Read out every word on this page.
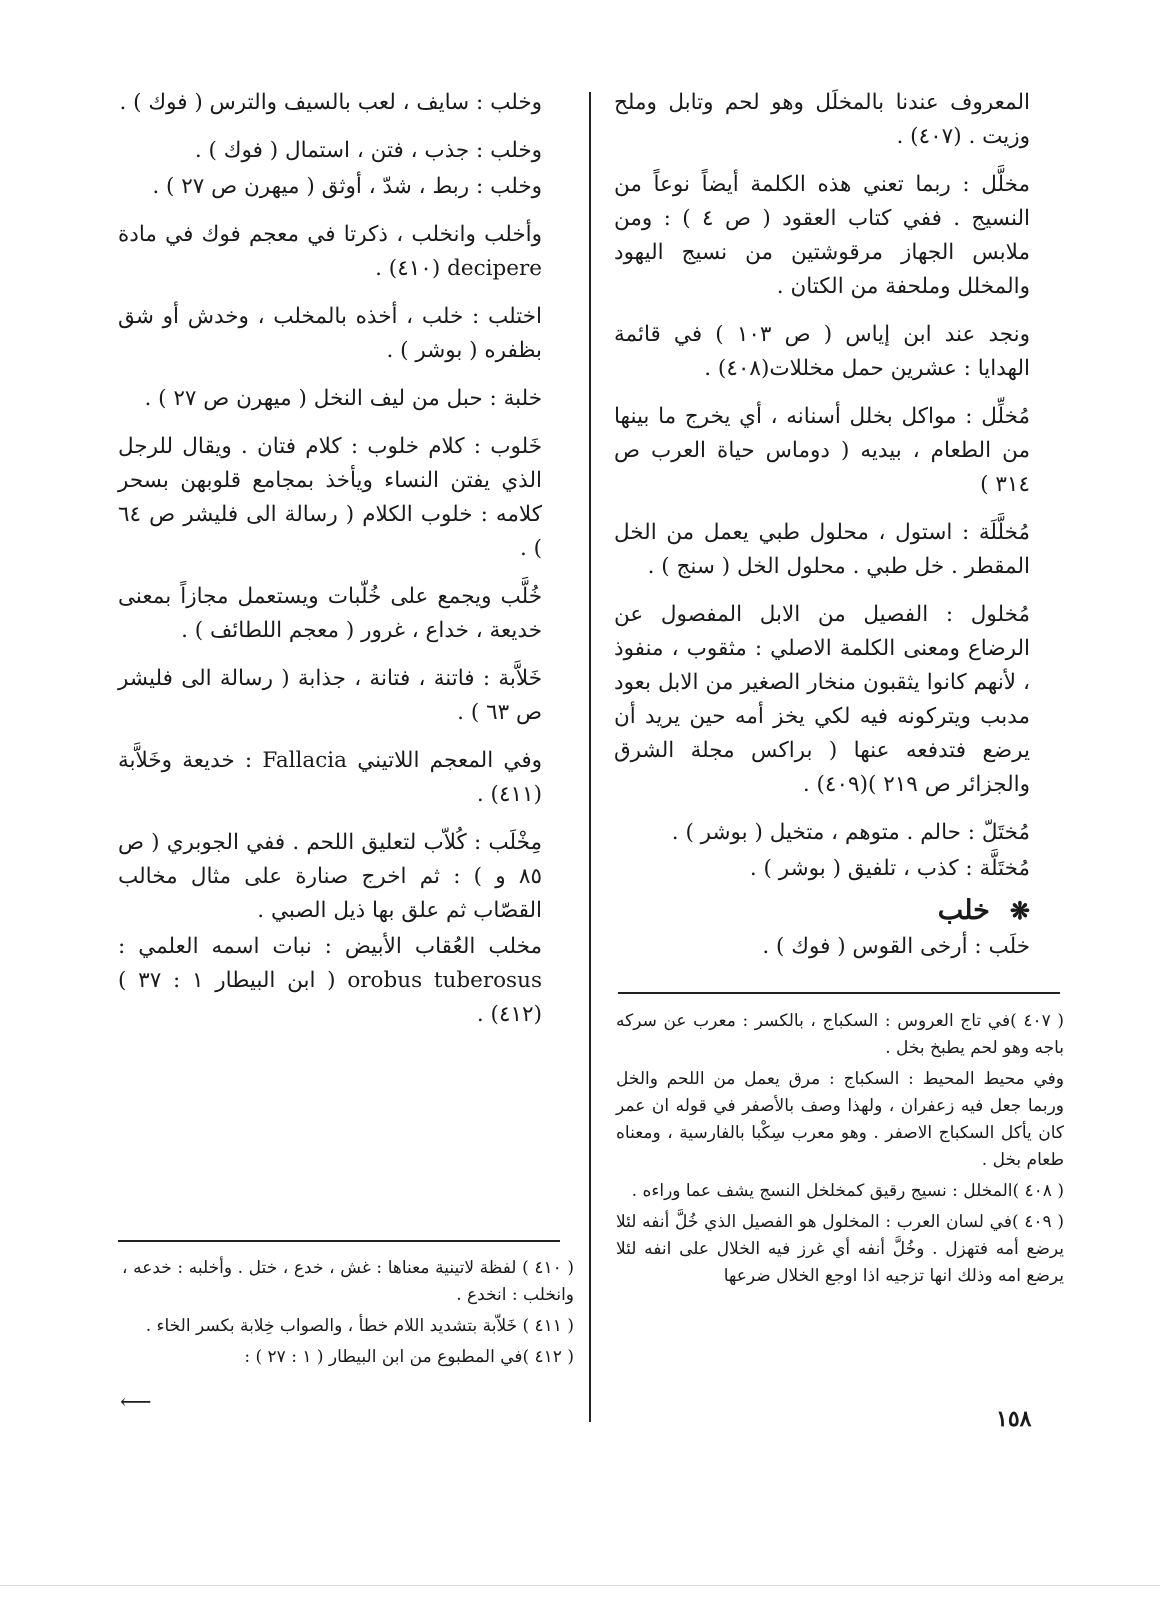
المعروف عندنا بالمخلَل وهو لحم وتابل وملح وزيت . (٤٠٧) .

مخلَّل : ربما تعني هذه الكلمة أيضاً نوعاً من النسيج . ففي كتاب العقود ( ص ٤ ) : ومن ملابس الجهاز مرقوشتين من نسيج اليهود والمخلل وملحفة من الكتان .

ونجد عند ابن إياس ( ص ١٠٣ ) في قائمة الهدايا : عشرين حمل مخللات(٤٠٨) .

مُخلِّل : مواكل بخلل أسنانه ، أي يخرج ما بينها من الطعام ، بيديه ( دوماس حياة العرب ص ٣١٤ )

مُخلَّلَة : استول ، محلول طبي يعمل من الخل المقطر . خل طبي . محلول الخل ( سنج ) .

مُخلول : الفصيل من الابل المفصول عن الرضاع ومعنى الكلمة الاصلي : مثقوب ، منفوذ ، لأنهم كانوا يثقبون منخار الصغير من الابل بعود مدبب ويتركونه فيه لكي يخز أمه حين يريد أن يرضع فتدفعه عنها ( براكس مجلة الشرق والجزائر ص ٢١٩ )(٤٠٩) .

مُختَلّ : حالم . متوهم ، متخيل ( بوشر ) .

مُختَلَّة : كذب ، تلفيق ( بوشر ) .

❋خلب

خلَب : أرخى القوس ( فوك ) .

وخلب : سايف ، لعب بالسيف والترس ( فوك ) .

وخلب : جذب ، فتن ، استمال ( فوك ) .

وخلب : ربط ، شدّ ، أوثق ( ميهرن ص ٢٧ ) .

وأخلب وانخلب ، ذكرتا في معجم فوك في مادة decipere (٤١٠) .

اختلب : خلب ، أخذه بالمخلب ، وخدش أو شق بظفره ( بوشر ) .

خلبة : حبل من ليف النخل ( ميهرن ص ٢٧ ) .

خَلوب : كلام خلوب : كلام فتان . ويقال للرجل الذي يفتن النساء ويأخذ بمجامع قلوبهن بسحر كلامه : خلوب الكلام ( رسالة الى فليشر ص ٦٤ ) .

خُلَّب ويجمع على خُلّبات ويستعمل مجازاً بمعنى خديعة ، خداع ، غرور ( معجم اللطائف ) .

خَلاَّبة : فاتنة ، فتانة ، جذابة ( رسالة الى فليشر ص ٦٣ ) .

وفي المعجم اللاتيني Fallacia : خديعة وخَلاَّبة (٤١١) .

مِخْلَب : كُلاّب لتعليق اللحم . ففي الجوبري ( ص ٨٥ و ) : ثم اخرج صنارة على مثال مخالب القصّاب ثم علق بها ذيل الصبي .

مخلب العُقاب الأبيض : نبات اسمه العلمي : orobus tuberosus ( ابن البيطار ١ : ٣٧ ) (٤١٢) .	( ٤٠٧ )في تاج العروس : السكباج ، بالكسر : معرب عن سركه باجه وهو لحم يطبخ بخل .

وفي محيط المحيط : السكباج : مرق يعمل من اللحم والخل وربما جعل فيه زعفران ، ولهذا وصف بالأصفر في قوله ان عمر كان يأكل السكباج الاصفر . وهو معرب سِكْبا بالفارسية ، ومعناه طعام بخل .

( ٤٠٨ )المخلل : نسيج رقيق كمخلخل النسج يشف عما وراءه .

( ٤٠٩ )في لسان العرب : المخلول هو الفصيل الذي خُلَّ أنفه لئلا يرضع أمه فتهزل . وخُلَّ أنفه أي غرز فيه الخلال على انفه لئلا يرضع امه وذلك انها تزجيه اذا اوجع الخلال ضرعها

( ٤١٠ ) لفظة لاتينية معناها : غش ، خدع ، ختل . وأخلبه : خدعه ، وانخلب : انخدع .

( ٤١١ ) خَلاّبة بتشديد اللام خطأ ، والصواب خِلابة بكسر الخاء .

( ٤١٢ )في المطبوع من ابن البيطار ( ١ : ٢٧ ) :

⟵
١٥٨
